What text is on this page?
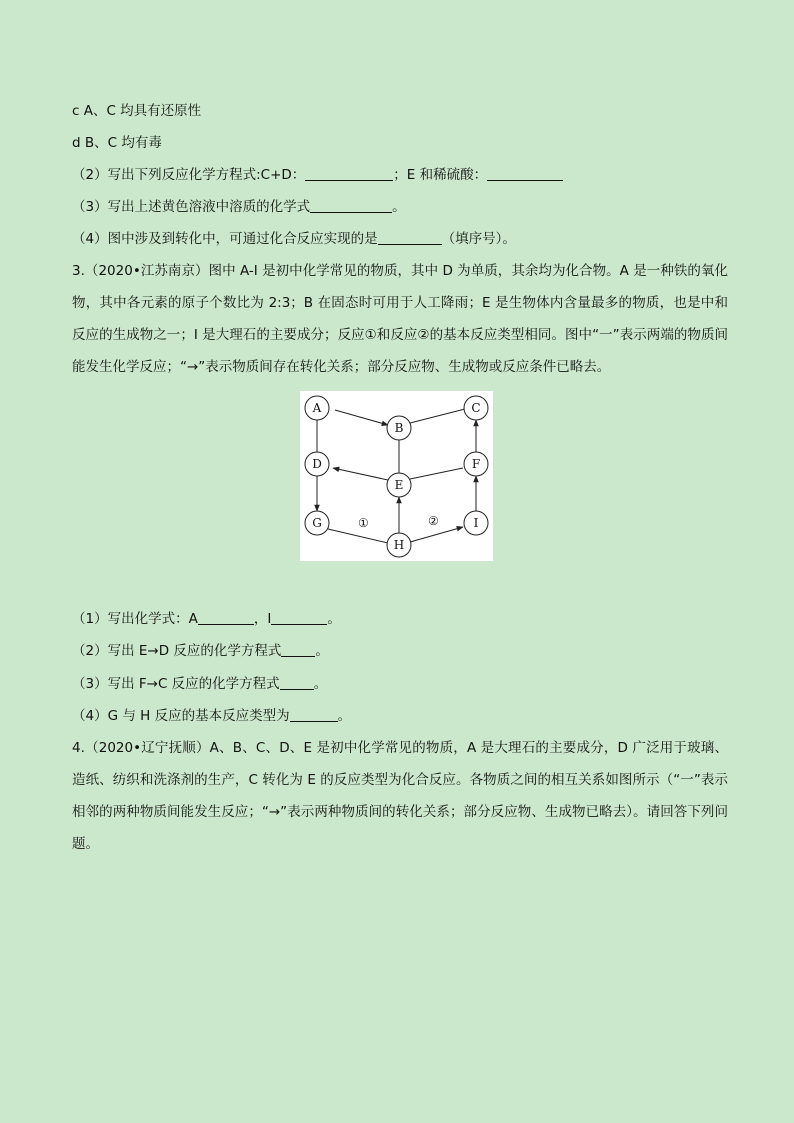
c A、C 均具有还原性
d B、C 均有毒
（2）写出下列反应化学方程式:C+D：	；E 和稀硫酸：
（3）写出上述黄色溶液中溶质的化学式	。
（4）图中涉及到转化中，可通过化合反应实现的是	（填序号）。
3.（2020•江苏南京）图中 A-I 是初中化学常见的物质，其中 D 为单质，其余均为化合物。A 是一种铁的氧化物，其中各元素的原子个数比为 2:3；B 在固态时可用于人工降雨；E 是生物体内含量最多的物质，也是中和反应的生成物之一；I 是大理石的主要成分；反应①和反应②的基本反应类型相同。图中“一”表示两端的物质间能发生化学反应；“→”表示物质间存在转化关系；部分反应物、生成物或反应条件已略去。
①	②
A
B
C
D
E
F
G
H
I
（1）写出化学式：A	，I	。
（2）写出 E→D 反应的化学方程式	。
（3）写出 F→C 反应的化学方程式	。
（4）G 与 H 反应的基本反应类型为	。
4.（2020•辽宁抚顺）A、B、C、D、E 是初中化学常见的物质，A 是大理石的主要成分，D 广泛用于玻璃、造纸、纺织和洗涤剂的生产，C 转化为 E 的反应类型为化合反应。各物质之间的相互关系如图所示（“一”表示相邻的两种物质间能发生反应；“→”表示两种物质间的转化关系；部分反应物、生成物已略去）。请回答下列问题。
